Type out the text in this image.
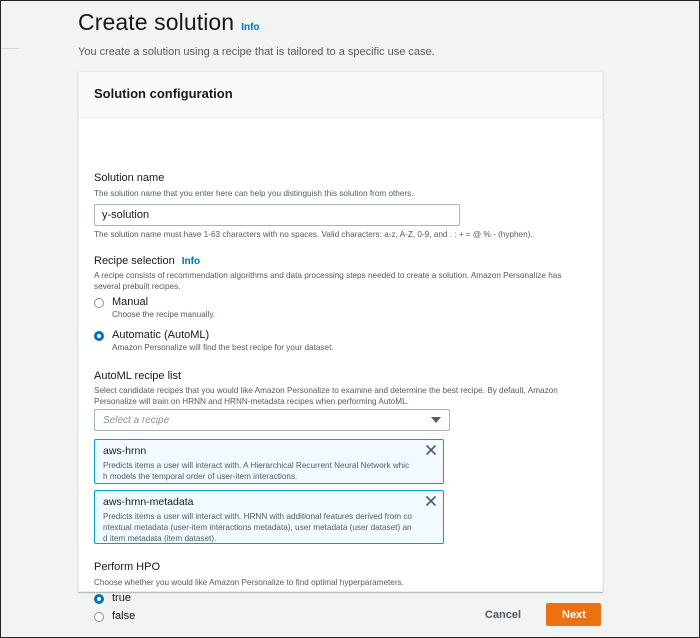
Create solution Info
You create a solution using a recipe that is tailored to a specific use case.
Solution configuration
Solution name
The solution name that you enter here can help you distinguish this solution from others.
y-solution
The solution name must have 1-63 characters with no spaces. Valid characters: a-z, A-Z, 0-9, and . : + = @ % - (hyphen).
Recipe selection Info
A recipe consists of recommendation algorithms and data processing steps needed to create a solution. Amazon Personalize has several prebuilt recipes.
Manual
Choose the recipe manually.
Automatic (AutoML)
Amazon Personalize will find the best recipe for your dataset.
AutoML recipe list
Select candidate recipes that you would like Amazon Personalize to examine and determine the best recipe. By default, Amazon Personalize will train on HRNN and HRNN-metadata recipes when performing AutoML.
Select a recipe
aws-hrnn
Predicts items a user will interact with. A Hierarchical Recurrent Neural Network which models the temporal order of user-item interactions.
aws-hrnn-metadata
Predicts items a user will interact with. HRNN with additional features derived from contextual metadata (user-item interactions metadata), user metadata (user dataset) and item metadata (item dataset).
Perform HPO
Choose whether you would like Amazon Personalize to find optimal hyperparameters.
true
false	Cancel	Next
